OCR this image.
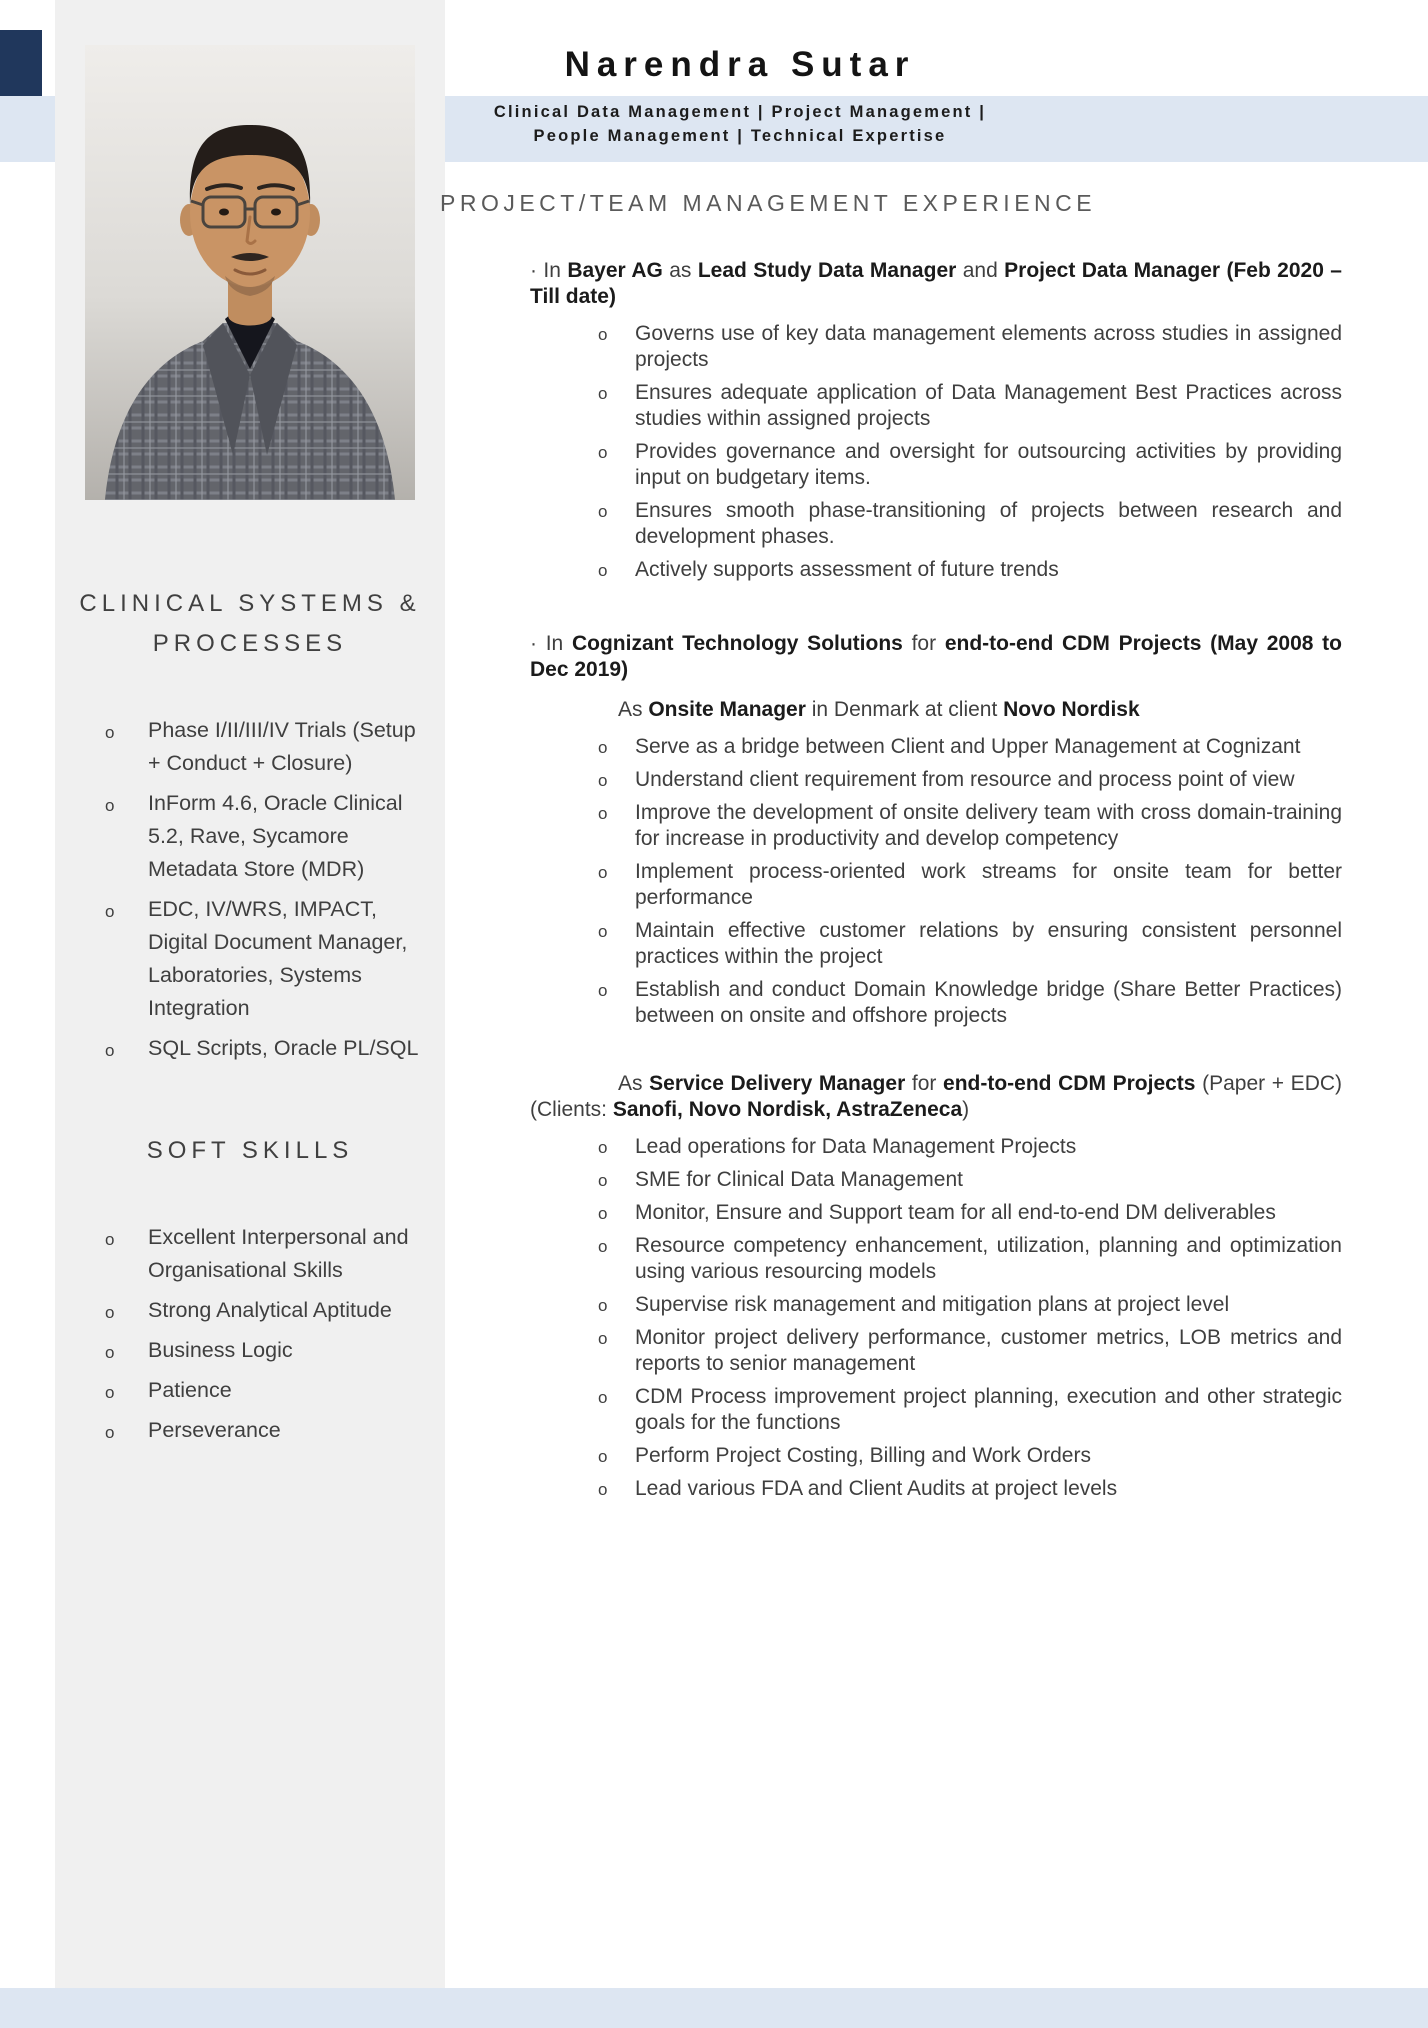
CLINICAL SYSTEMS & PROCESSES
o Phase I/II/III/IV Trials (Setup + Conduct + Closure)
o InForm 4.6, Oracle Clinical 5.2, Rave, Sycamore Metadata Store (MDR)
o EDC, IV/WRS, IMPACT, Digital Document Manager, Laboratories, Systems Integration
o SQL Scripts, Oracle PL/SQL
SOFT SKILLS
o Excellent Interpersonal and Organisational Skills
o Strong Analytical Aptitude
o Business Logic
o Patience
o Perseverance
Narendra Sutar
Clinical Data Management | Project Management |
People Management | Technical Expertise
PROJECT/TEAM MANAGEMENT EXPERIENCE

· In Bayer AG as Lead Study Data Manager and Project Data Manager (Feb 2020 – Till date)

o Governs use of key data management elements across studies in assigned projects
o Ensures adequate application of Data Management Best Practices across studies within assigned projects
o Provides governance and oversight for outsourcing activities by providing input on budgetary items.
o Ensures smooth phase-transitioning of projects between research and development phases.
o Actively supports assessment of future trends

· In Cognizant Technology Solutions for end-to-end CDM Projects (May 2008 to Dec 2019)

As Onsite Manager in Denmark at client Novo Nordisk

o Serve as a bridge between Client and Upper Management at Cognizant
o Understand client requirement from resource and process point of view
o Improve the development of onsite delivery team with cross domain-training for increase in productivity and develop competency
o Implement process-oriented work streams for onsite team for better performance
o Maintain effective customer relations by ensuring consistent personnel practices within the project
o Establish and conduct Domain Knowledge bridge (Share Better Practices) between on onsite and offshore projects

As Service Delivery Manager for end-to-end CDM Projects (Paper + EDC) (Clients: Sanofi, Novo Nordisk, AstraZeneca)

o Lead operations for Data Management Projects
o SME for Clinical Data Management
o Monitor, Ensure and Support team for all end-to-end DM deliverables
o Resource competency enhancement, utilization, planning and optimization using various resourcing models
o Supervise risk management and mitigation plans at project level
o Monitor project delivery performance, customer metrics, LOB metrics and reports to senior management
o CDM Process improvement project planning, execution and other strategic goals for the functions
o Perform Project Costing, Billing and Work Orders
o Lead various FDA and Client Audits at project levels
